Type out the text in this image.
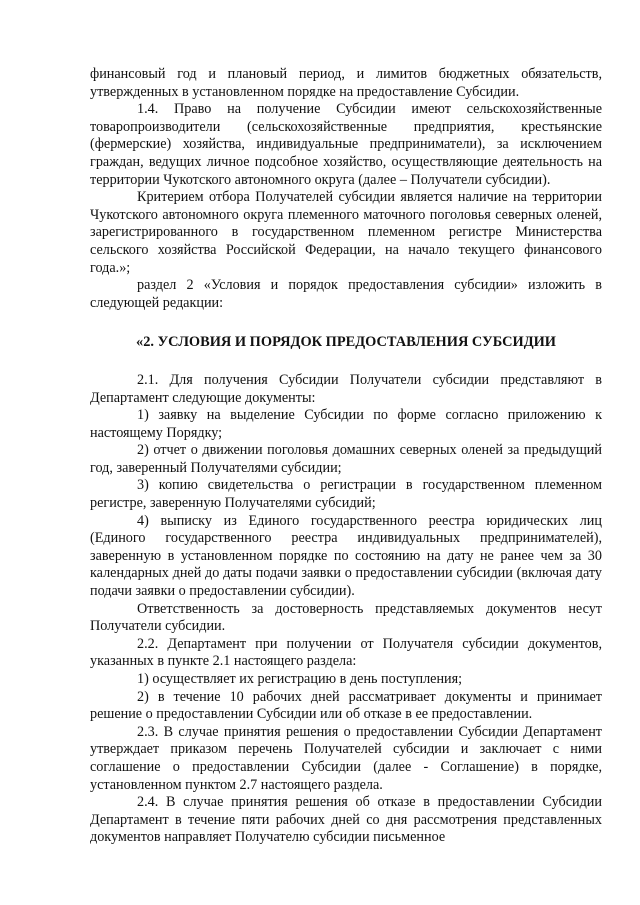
финансовый год и плановый период, и лимитов бюджетных обязательств, утвержденных в установленном порядке на предоставление Субсидии.

1.4. Право на получение Субсидии имеют сельскохозяйственные товаропроизводители (сельскохозяйственные предприятия, крестьянские (фермерские) хозяйства, индивидуальные предприниматели), за исключением граждан, ведущих личное подсобное хозяйство, осуществляющие деятельность на территории Чукотского автономного округа (далее – Получатели субсидии).

Критерием отбора Получателей субсидии является наличие на территории Чукотского автономного округа племенного маточного поголовья северных оленей, зарегистрированного в государственном племенном регистре Министерства сельского хозяйства Российской Федерации, на начало текущего финансового года.»;

раздел 2 «Условия и порядок предоставления субсидии» изложить в следующей редакции:

«2. УСЛОВИЯ И ПОРЯДОК ПРЕДОСТАВЛЕНИЯ СУБСИДИИ

2.1. Для получения Субсидии Получатели субсидии представляют в Департамент следующие документы:

1) заявку на выделение Субсидии по форме согласно приложению к настоящему Порядку;

2) отчет о движении поголовья домашних северных оленей за предыдущий год, заверенный Получателями субсидии;

3) копию свидетельства о регистрации в государственном племенном регистре, заверенную Получателями субсидий;

4) выписку из Единого государственного реестра юридических лиц (Единого государственного реестра индивидуальных предпринимателей), заверенную в установленном порядке по состоянию на дату не ранее чем за 30 календарных дней до даты подачи заявки о предоставлении субсидии (включая дату подачи заявки о предоставлении субсидии).

Ответственность за достоверность представляемых документов несут Получатели субсидии.

2.2. Департамент при получении от Получателя субсидии документов, указанных в пункте 2.1 настоящего раздела:

1) осуществляет их регистрацию в день поступления;

2) в течение 10 рабочих дней рассматривает документы и принимает решение о предоставлении Субсидии или об отказе в ее предоставлении.

2.3. В случае принятия решения о предоставлении Субсидии Департамент утверждает приказом перечень Получателей субсидии и заключает с ними соглашение о предоставлении Субсидии (далее - Соглашение) в порядке, установленном пунктом 2.7 настоящего раздела.

2.4. В случае принятия решения об отказе в предоставлении Субсидии Департамент в течение пяти рабочих дней со дня рассмотрения представленных документов направляет Получателю субсидии письменное
